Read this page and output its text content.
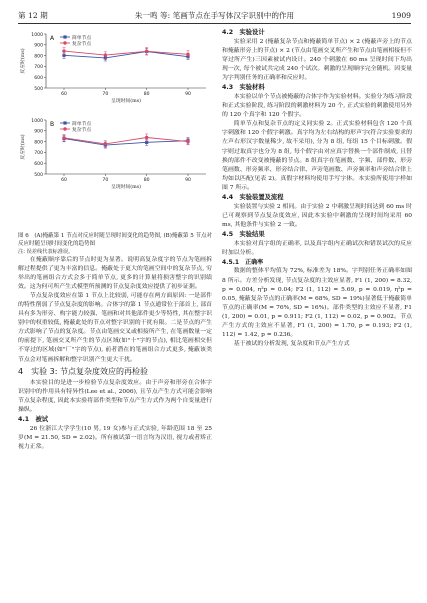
第 12 期	朱一鸣 等: 笔画节点在手写体汉字识别中的作用	1909
500
600
700
800
900
1000
60	70	80	90
反应时(ms)
呈现时间(ms)
A	简单节点
复杂节点
500
600
700
800
900
1000
60	70	80	90
反应时(ms)
呈现时间(ms)
B	简单节点
复杂节点

图 6　(A)掩蔽第 1 节点对反应时随呈现时间变化的趋势图, (B)掩蔽第 5 节点对反应时随呈现时间变化的趋势图

注: 误差线代表标准误。

在掩蔽顺序靠后的节点时更为显著。说明高复杂度字的节点为笔画拆解过程提供了更为丰富的信息。掩蔽处于更大的笔画空间中的复杂节点, 穷举出的笔画组合方式会多于简单节点, 更多的计算量将损害整字的识别绩效。这为何可所产生式模型所预测的节点复杂度效应提供了初步证据。

节点复杂度效应在第 1 节点上比较弱, 可能存在两方面原因: 一是部件的特性削弱了节点复杂度的影响。合体字的第 1 节点通常位于部首上, 部首具有多为形旁、构字能力较强、笔画和对其他部件更少等特性, 其在整字识别中的权重较低, 掩蔽此处的节点对整字识别的干扰有限。二是节点的产生方式影响了节点的复杂度。节点由笔画交叉或相接所产生, 在笔画数量一定的前提下, 笔画交叉所产生的节点区域(如"十"字的节点), 相比笔画相交但不穿过的区域(如"厂"字的节点), 前者潜在的笔画组合方式更多, 掩蔽该类节点会对笔画拆解和整字识别产生更大干扰。

4　实验 3: 节点复杂度效应的再检验

本实验目的是进一步检验节点复杂度效应。由于声旁和形旁在合体字识别中的作用具有特异性(Lee et al., 2006), 且节点产生方式可能会影响节点复杂程度, 因此本实验将部件类型和节点产生方式作为两个自变量进行操纵。

4.1　被试

26 位浙江大学学生(10 男, 19 女)参与正式实验, 年龄范围 18 至 25 岁(M = 21.50, SD = 2.02)。所有被试第一语言均为汉语, 视力或者矫正视力正常。

4.2　实验设计

实验采用 2 (掩蔽复杂节点和掩蔽简单节点) × 2 (掩蔽声旁上的节点和掩蔽形旁上的节点) × 2 (节点由笔画交叉所产生和节点由笔画相接但不穿过所产生)三因素被试内设计。240 个刺激在 60 ms 呈现时间下均出现一次, 每个被试共完成 240 个试次。刺激的呈现顺序完全随机。因变量为字判别任务的正确率和反应时。

4.3　实验材料

本实验以单个节点被掩蔽的合体字作为实验材料。实验分为练习阶段和正式实验阶段, 练习阶段的刺激材料为 20 个, 正式实验的刺激使用另外的 120 个真字和 120 个假字。

简单节点和复杂节点的定义同实验 2。正式实验材料包含 120 个真字刺激和 120 个假字刺激。真字均为左右结构的形声字(符合实验要求的左声右形汉字数量稀少, 故不采用), 分为 8 组, 每组 15 个目标刺激。假字则过取真字也分为 8 组, 每个假字由对应真字替换一个部件制成, 且替换的部件不改变被掩蔽的节点。8 组真字在笔画数、字频、部件数、形旁笔画数、形旁频率、形旁结合律、声旁笔画数、声旁频率和声旁结合律上均如以匹配(见表 2)。真假字材料均使用手写字体。本实验所使用字样如图 7 所示。

4.4　实验装置及流程

实验装置与实验 2 相同。由于实验 2 中刺激呈现时间达到 60 ms 时已可观察到节点复杂度效应, 因此本实验中刺激的呈现时间均采用 60 ms, 其他条件与实验 2 一致。

4.5　实验结果

本实验对真字组的正确率, 以及真字组内正确试次和错误试次的反应时加以分析。

4.5.1　正确率

数据的整体平均值为 72%, 标准差为 18%。字判别任务正确率如图 8 所示。方差分析发现, 节点复杂度的主效应显著, F1 (1, 200) = 8.32, p = 0.004, η²p = 0.04; F2 (1, 112) = 5.69, p = 0.019, η²p = 0.05, 掩蔽复杂节点的正确率(M = 68%, SD = 19%)显著低于掩蔽简单节点的正确率(M = 76%, SD = 16%)。部件类型的主效应不显著, F1 (1, 200) = 0.01, p = 0.911; F2 (1, 112) = 0.02, p = 0.902。节点产生方式的主效应不显著, F1 (1, 200) = 1.70, p = 0.193; F2 (1, 112) = 1.42, p = 0.236。

基于被试的分析发现, 复杂度和节点产生方式
